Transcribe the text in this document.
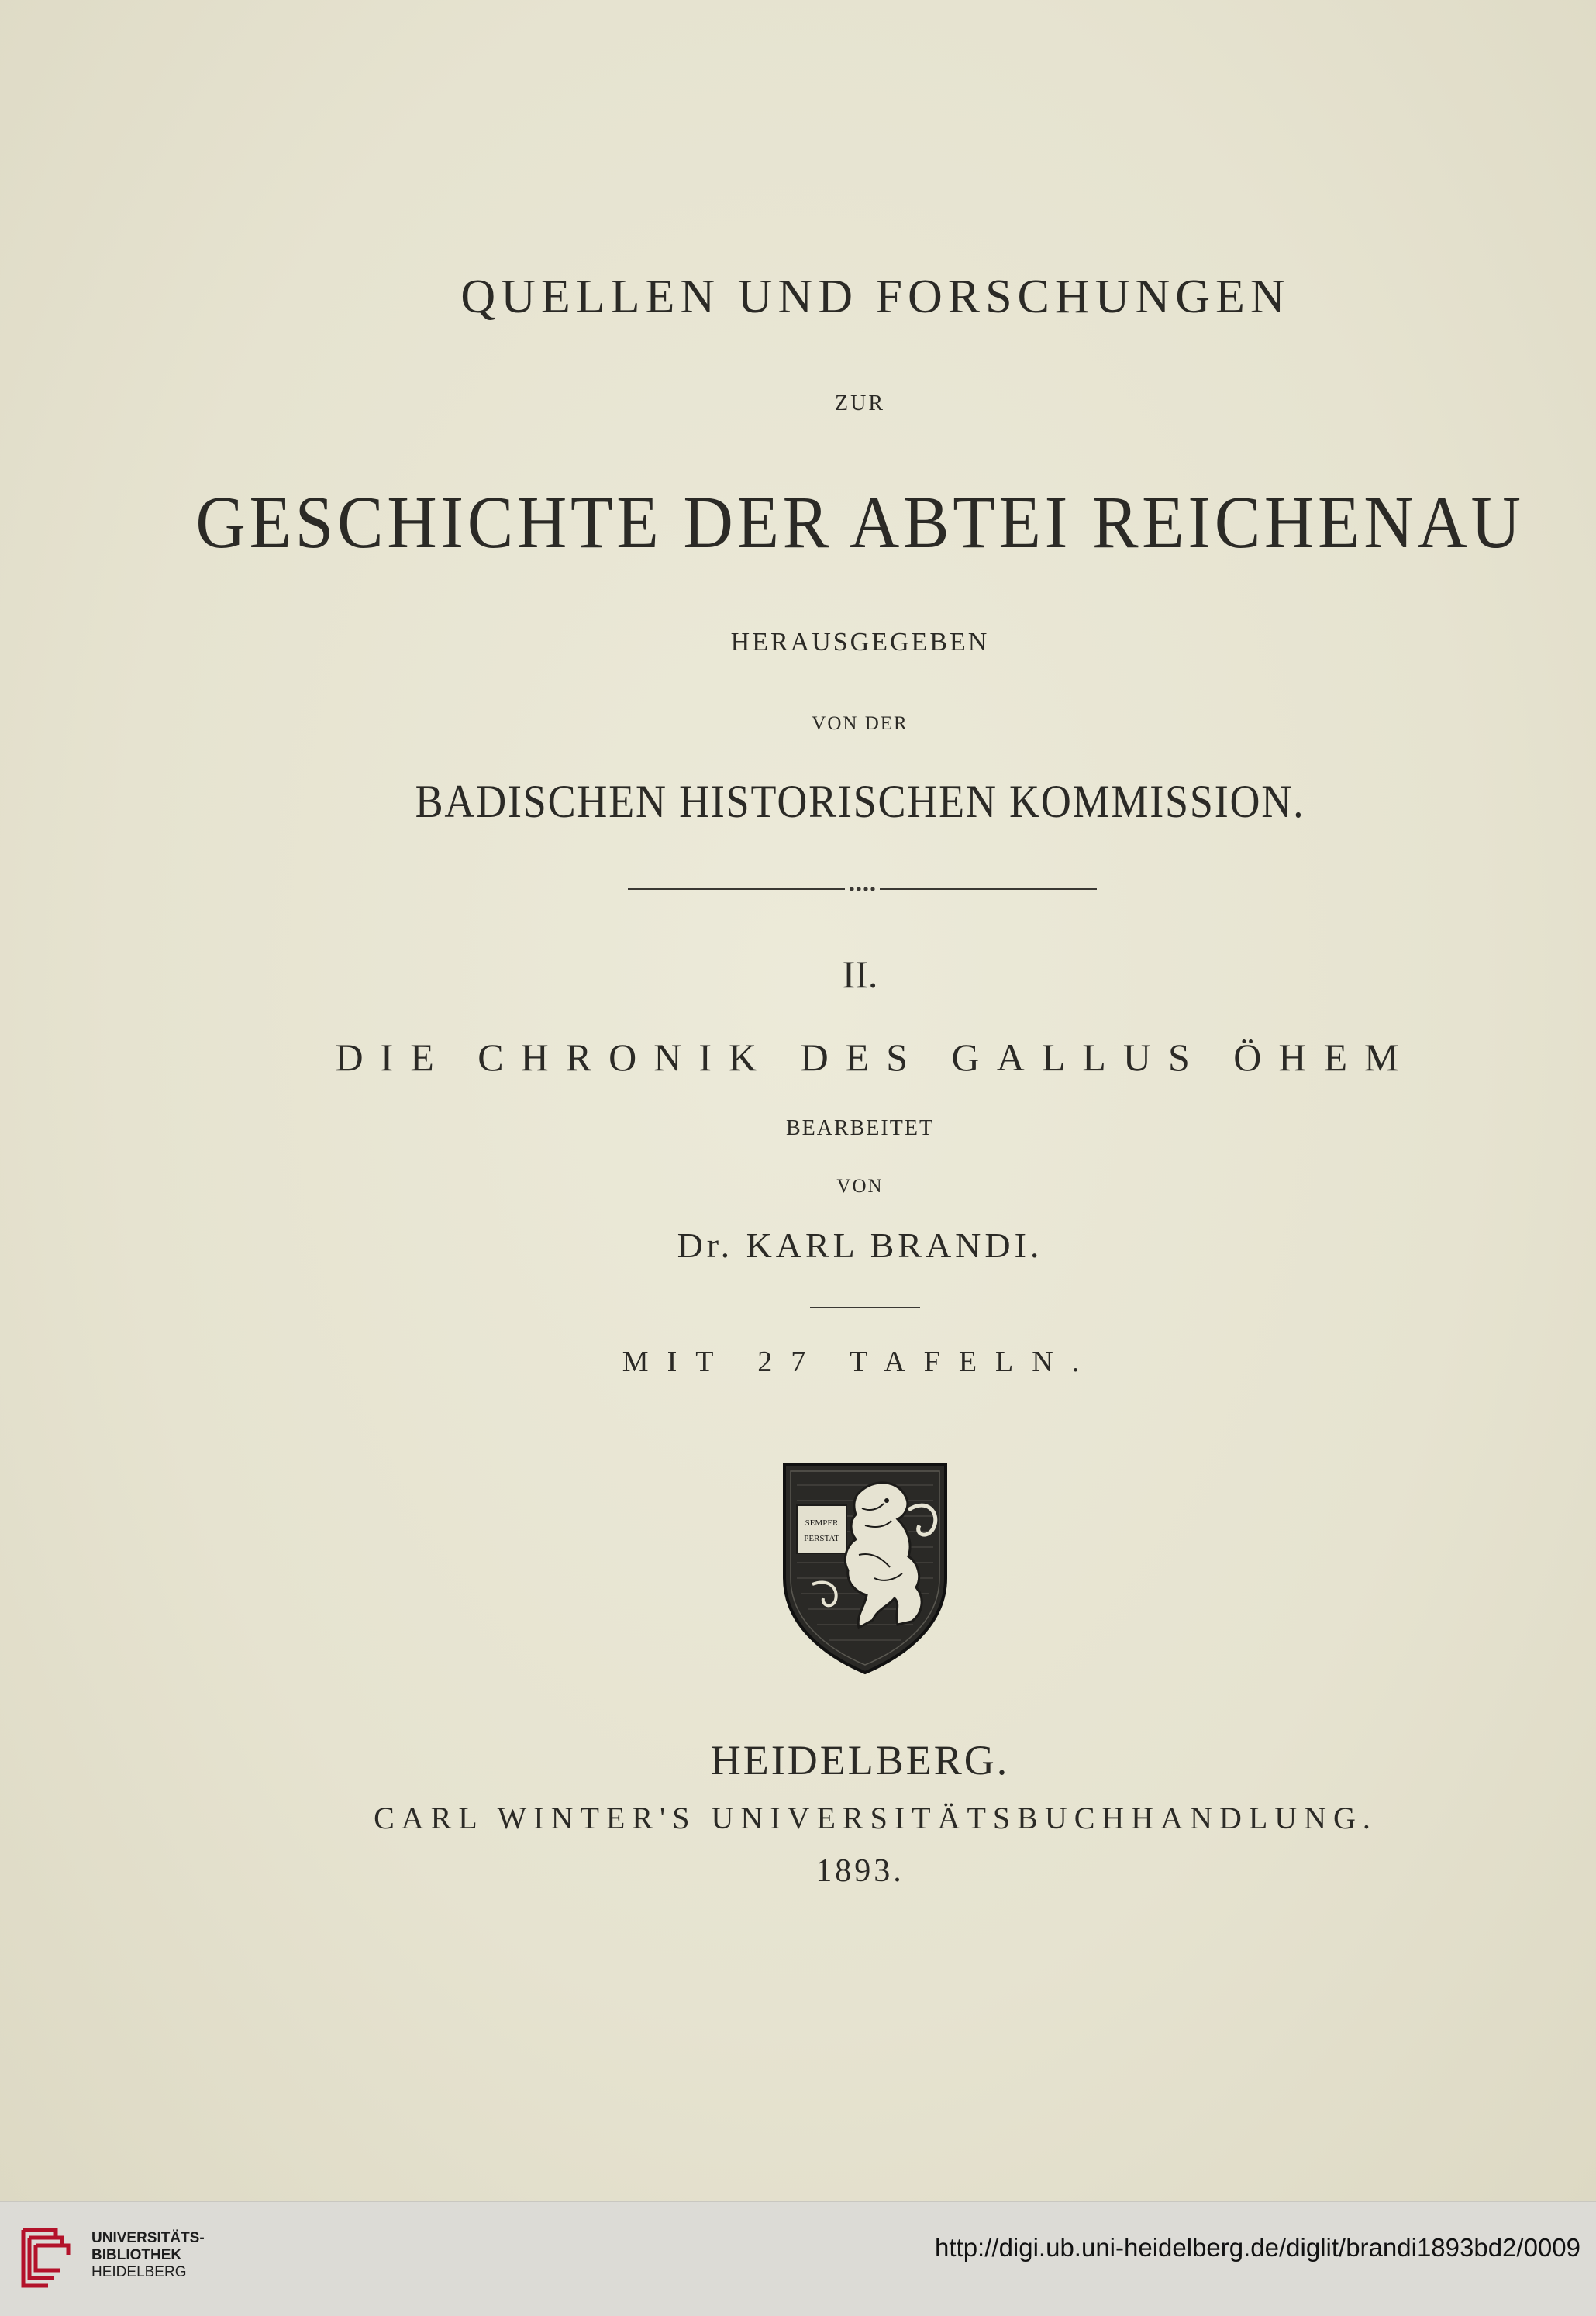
QUELLEN UND FORSCHUNGEN
ZUR
GESCHICHTE DER ABTEI REICHENAU
HERAUSGEGEBEN
VON DER
BADISCHEN HISTORISCHEN KOMMISSION.
II.
DIE CHRONIK DES GALLUS ÖHEM
BEARBEITET
VON
Dr. KARL BRANDI.
MIT 27 TAFELN.
SEMPER
PERSTAT
HEIDELBERG.
CARL WINTER'S UNIVERSITÄTSBUCHHANDLUNG.
1893.
UNIVERSITÄTS-
BIBLIOTHEK
HEIDELBERG
http://digi.ub.uni-heidelberg.de/diglit/brandi1893bd2/0009
